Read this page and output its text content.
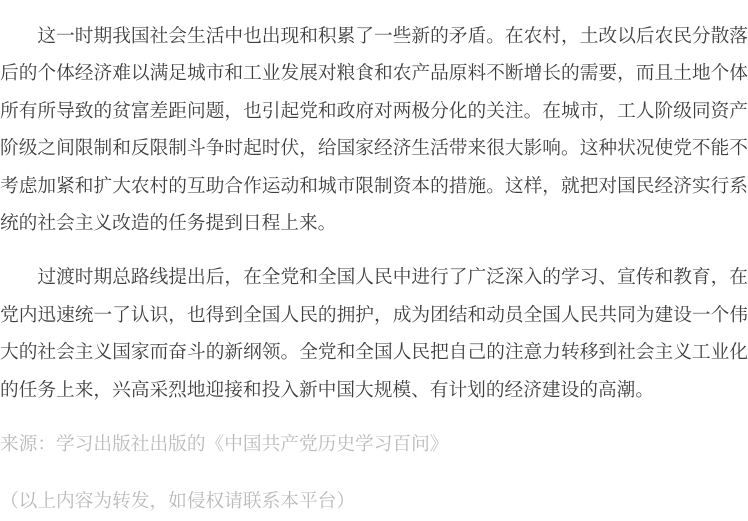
这一时期我国社会生活中也出现和积累了一些新的矛盾。在农村，土改以后农民分散落后的个体经济难以满足城市和工业发展对粮食和农产品原料不断增长的需要，而且土地个体所有所导致的贫富差距问题，也引起党和政府对两极分化的关注。在城市，工人阶级同资产阶级之间限制和反限制斗争时起时伏，给国家经济生活带来很大影响。这种状况使党不能不考虑加紧和扩大农村的互助合作运动和城市限制资本的措施。这样，就把对国民经济实行系统的社会主义改造的任务提到日程上来。

过渡时期总路线提出后，在全党和全国人民中进行了广泛深入的学习、宣传和教育，在党内迅速统一了认识，也得到全国人民的拥护，成为团结和动员全国人民共同为建设一个伟大的社会主义国家而奋斗的新纲领。全党和全国人民把自己的注意力转移到社会主义工业化的任务上来，兴高采烈地迎接和投入新中国大规模、有计划的经济建设的高潮。

来源：学习出版社出版的《中国共产党历史学习百问》

（以上内容为转发，如侵权请联系本平台）
